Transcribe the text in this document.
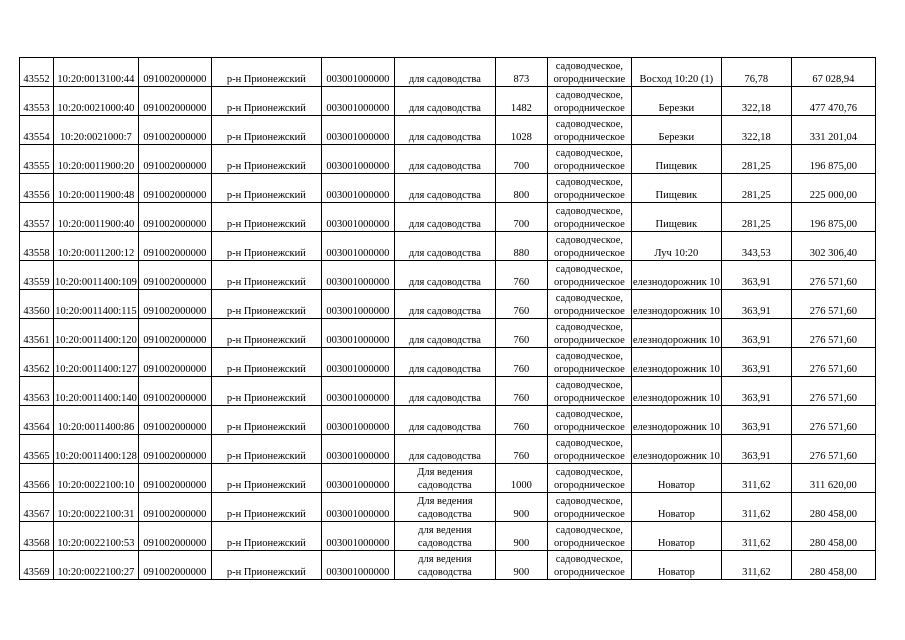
43552	10:20:0013100:44	091002000000	р-н Прионежский	003001000000	для садоводства	873	садоводческое,
огороднические	Восход 10:20 (1)	76,78	67 028,94
43553	10:20:0021000:40	091002000000	р-н Прионежский	003001000000	для садоводства	1482	садоводческое,
огородническое	Березки	322,18	477 470,76
43554	10:20:0021000:7	091002000000	р-н Прионежский	003001000000	для садоводства	1028	садоводческое,
огородническое	Березки	322,18	331 201,04
43555	10:20:0011900:20	091002000000	р-н Прионежский	003001000000	для садоводства	700	садоводческое,
огородническое	Пищевик	281,25	196 875,00
43556	10:20:0011900:48	091002000000	р-н Прионежский	003001000000	для садоводства	800	садоводческое,
огородническое	Пищевик	281,25	225 000,00
43557	10:20:0011900:40	091002000000	р-н Прионежский	003001000000	для садоводства	700	садоводческое,
огородническое	Пищевик	281,25	196 875,00
43558	10:20:0011200:12	091002000000	р-н Прионежский	003001000000	для садоводства	880	садоводческое,
огородническое	Луч 10:20	343,53	302 306,40
43559	10:20:0011400:109	091002000000	р-н Прионежский	003001000000	для садоводства	760	садоводческое,
огородническое	елезнодорожник 10	363,91	276 571,60
43560	10:20:0011400:115	091002000000	р-н Прионежский	003001000000	для садоводства	760	садоводческое,
огородническое	елезнодорожник 10	363,91	276 571,60
43561	10:20:0011400:120	091002000000	р-н Прионежский	003001000000	для садоводства	760	садоводческое,
огородническое	елезнодорожник 10	363,91	276 571,60
43562	10:20:0011400:127	091002000000	р-н Прионежский	003001000000	для садоводства	760	садоводческое,
огородническое	елезнодорожник 10	363,91	276 571,60
43563	10:20:0011400:140	091002000000	р-н Прионежский	003001000000	для садоводства	760	садоводческое,
огородническое	елезнодорожник 10	363,91	276 571,60
43564	10:20:0011400:86	091002000000	р-н Прионежский	003001000000	для садоводства	760	садоводческое,
огородническое	елезнодорожник 10	363,91	276 571,60
43565	10:20:0011400:128	091002000000	р-н Прионежский	003001000000	для садоводства	760	садоводческое,
огородническое	елезнодорожник 10	363,91	276 571,60
43566	10:20:0022100:10	091002000000	р-н Прионежский	003001000000	Для ведения
садоводства	1000	садоводческое,
огородническое	Новатор	311,62	311 620,00
43567	10:20:0022100:31	091002000000	р-н Прионежский	003001000000	Для ведения
садоводства	900	садоводческое,
огородническое	Новатор	311,62	280 458,00
43568	10:20:0022100:53	091002000000	р-н Прионежский	003001000000	для ведения
садоводства	900	садоводческое,
огородническое	Новатор	311,62	280 458,00
43569	10:20:0022100:27	091002000000	р-н Прионежский	003001000000	для ведения
садоводства	900	садоводческое,
огородническое	Новатор	311,62	280 458,00
